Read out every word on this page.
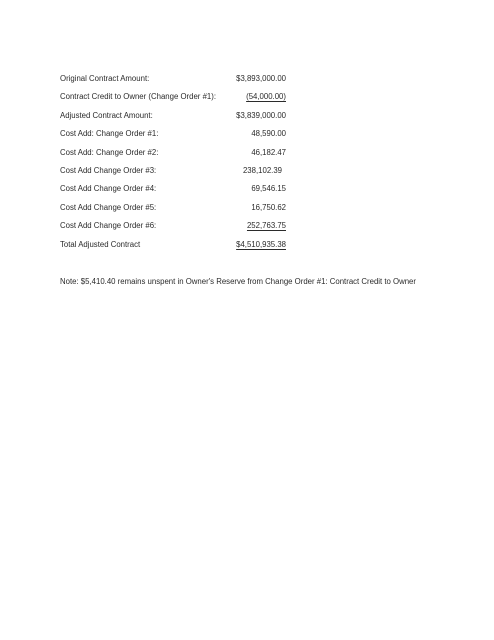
Original Contract Amount:	$3,893,000.00
Contract Credit to Owner (Change Order #1):	(54,000.00)
Adjusted Contract Amount:	$3,839,000.00
Cost Add: Change Order #1:	48,590.00
Cost Add: Change Order #2:	46,182.47
Cost Add Change Order #3:	238,102.39
Cost Add Change Order #4:	69,546.15
Cost Add Change Order #5:	16,750.62
Cost Add Change Order #6:	252,763.75
Total Adjusted Contract	$4,510,935.38
Note: $5,410.40 remains unspent in Owner's Reserve from Change Order #1: Contract Credit to Owner
